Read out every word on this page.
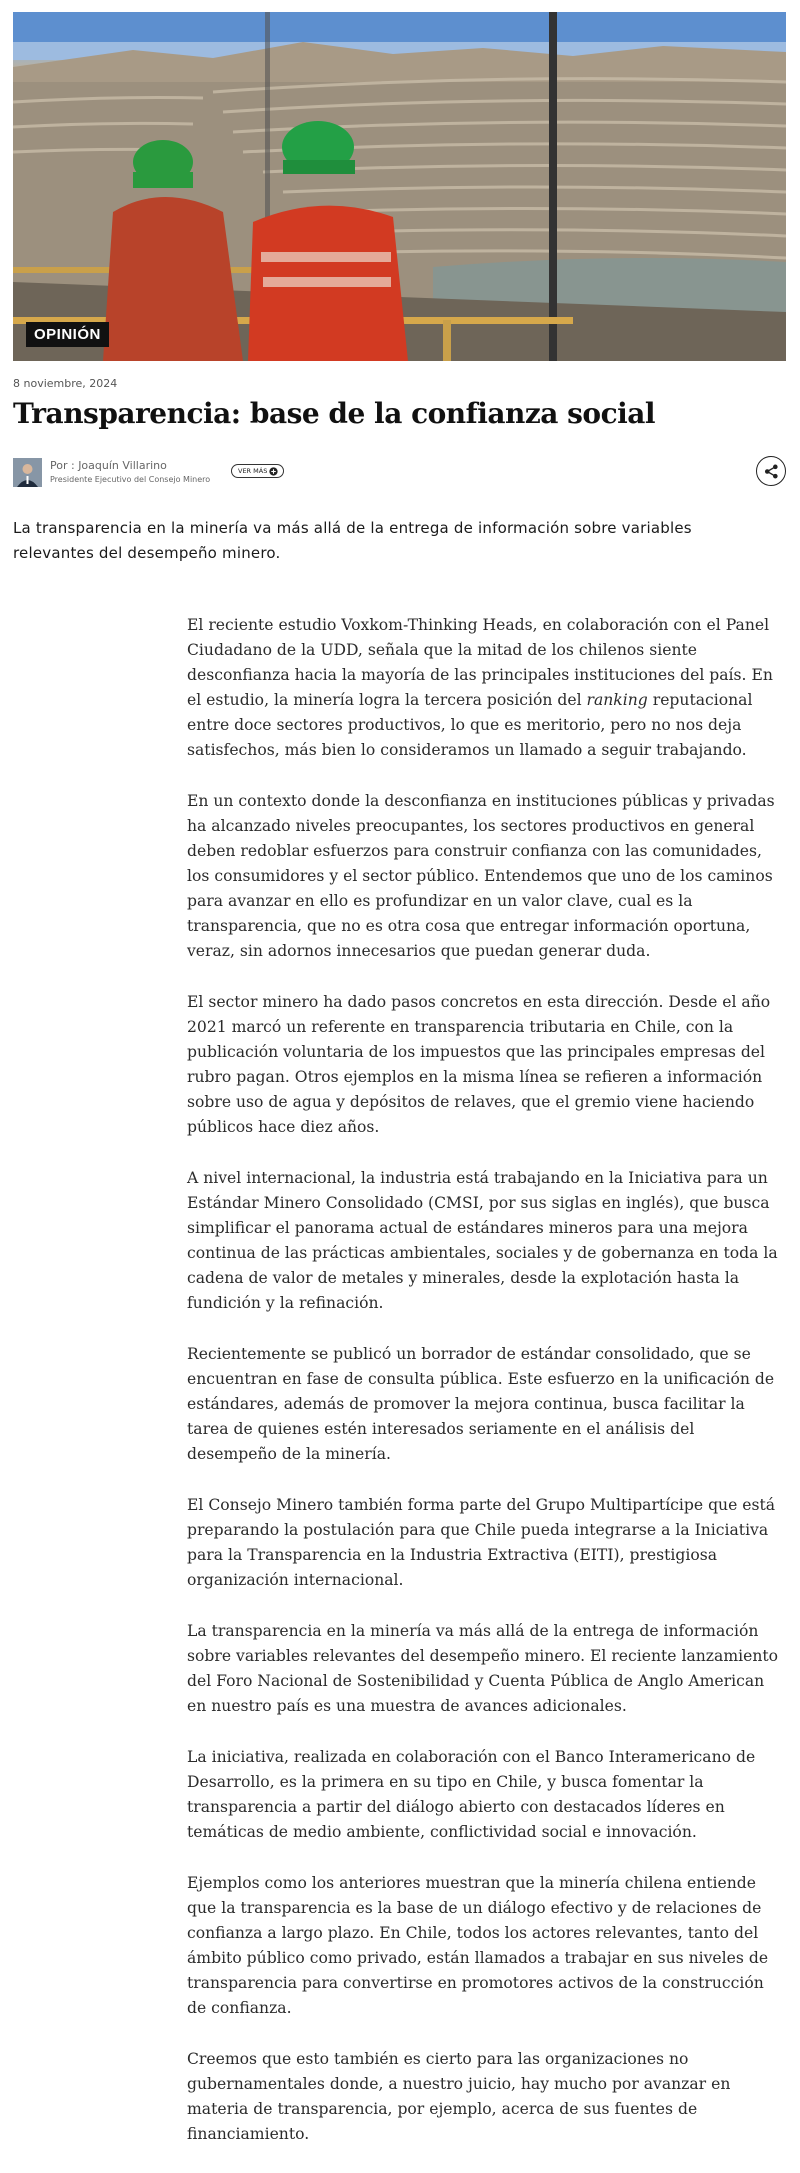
OPINIÓN
8 noviembre, 2024
Transparencia: base de la confianza social
Por : Joaquín Villarino
Presidente Ejecutivo del Consejo Minero
VER MÁS

La transparencia en la minería va más allá de la entrega de información sobre variables relevantes del desempeño minero.

El reciente estudio Voxkom-Thinking Heads, en colaboración con el Panel Ciudadano de la UDD, señala que la mitad de los chilenos siente desconfianza hacia la mayoría de las principales instituciones del país. En el estudio, la minería logra la tercera posición del ranking reputacional entre doce sectores productivos, lo que es meritorio, pero no nos deja satisfechos, más bien lo consideramos un llamado a seguir trabajando.

En un contexto donde la desconfianza en instituciones públicas y privadas ha alcanzado niveles preocupantes, los sectores productivos en general deben redoblar esfuerzos para construir confianza con las comunidades, los consumidores y el sector público. Entendemos que uno de los caminos para avanzar en ello es profundizar en un valor clave, cual es la transparencia, que no es otra cosa que entregar información oportuna, veraz, sin adornos innecesarios que puedan generar duda.

El sector minero ha dado pasos concretos en esta dirección. Desde el año 2021 marcó un referente en transparencia tributaria en Chile, con la publicación voluntaria de los impuestos que las principales empresas del rubro pagan. Otros ejemplos en la misma línea se refieren a información sobre uso de agua y depósitos de relaves, que el gremio viene haciendo públicos hace diez años.

A nivel internacional, la industria está trabajando en la Iniciativa para un Estándar Minero Consolidado (CMSI, por sus siglas en inglés), que busca simplificar el panorama actual de estándares mineros para una mejora continua de las prácticas ambientales, sociales y de gobernanza en toda la cadena de valor de metales y minerales, desde la explotación hasta la fundición y la refinación.

Recientemente se publicó un borrador de estándar consolidado, que se encuentran en fase de consulta pública. Este esfuerzo en la unificación de estándares, además de promover la mejora continua, busca facilitar la tarea de quienes estén interesados seriamente en el análisis del desempeño de la minería.

El Consejo Minero también forma parte del Grupo Multipartícipe que está preparando la postulación para que Chile pueda integrarse a la Iniciativa para la Transparencia en la Industria Extractiva (EITI), prestigiosa organización internacional.

La transparencia en la minería va más allá de la entrega de información sobre variables relevantes del desempeño minero. El reciente lanzamiento del Foro Nacional de Sostenibilidad y Cuenta Pública de Anglo American en nuestro país es una muestra de avances adicionales.

La iniciativa, realizada en colaboración con el Banco Interamericano de Desarrollo, es la primera en su tipo en Chile, y busca fomentar la transparencia a partir del diálogo abierto con destacados líderes en temáticas de medio ambiente, conflictividad social e innovación.

Ejemplos como los anteriores muestran que la minería chilena entiende que la transparencia es la base de un diálogo efectivo y de relaciones de confianza a largo plazo. En Chile, todos los actores relevantes, tanto del ámbito público como privado, están llamados a trabajar en sus niveles de transparencia para convertirse en promotores activos de la construcción de confianza.

Creemos que esto también es cierto para las organizaciones no gubernamentales donde, a nuestro juicio, hay mucho por avanzar en materia de transparencia, por ejemplo, acerca de sus fuentes de financiamiento.
